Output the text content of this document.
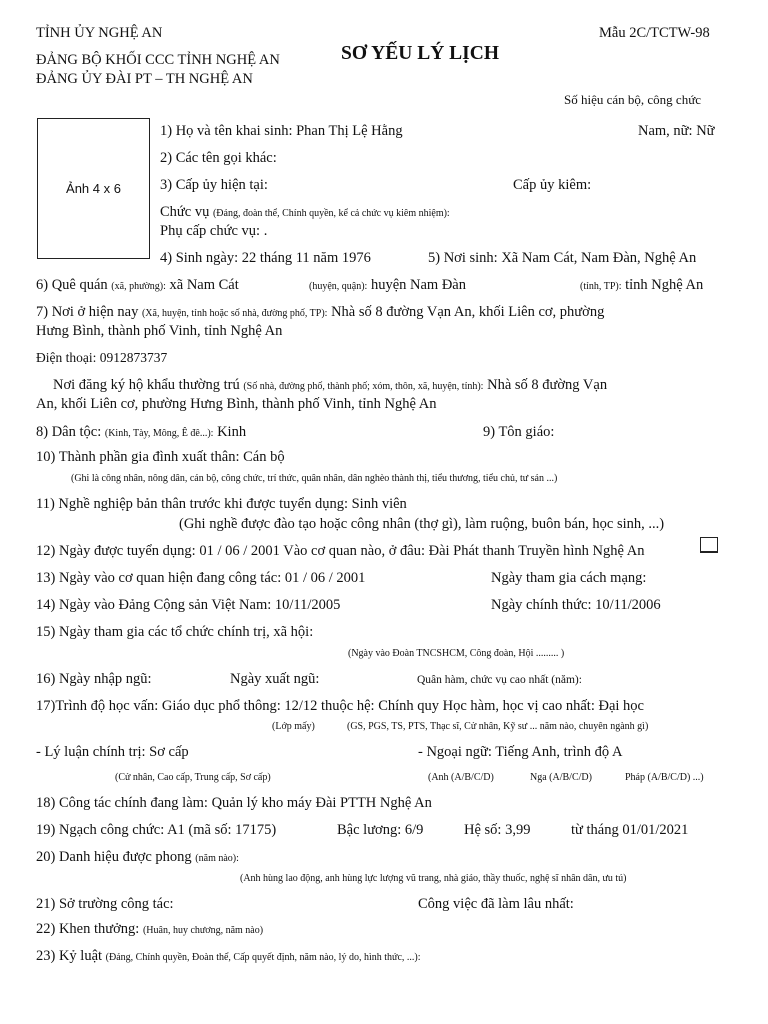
TỈNH ỦY NGHỆ AN
ĐẢNG BỘ KHỐI CCC TỈNH NGHỆ AN
ĐẢNG ỦY ĐÀI PT – TH NGHỆ AN
Mẫu 2C/TCTW-98
SƠ YẾU LÝ LỊCH
Số hiệu cán bộ, công chức
Ảnh 4 x 6
1) Họ và tên khai sinh: Phan Thị Lệ Hằng	Nam, nữ: Nữ
2) Các tên gọi khác:
3) Cấp ủy hiện tại:	Cấp ủy kiêm:
Chức vụ (Đảng, đoàn thể, Chính quyền, kể cả chức vụ kiêm nhiệm):
Phụ cấp chức vụ: .
4) Sinh ngày: 22 tháng 11 năm 1976	5) Nơi sinh: Xã Nam Cát, Nam Đàn, Nghệ An
6) Quê quán (xã, phường): xã Nam Cát	(huyện, quận): huyện Nam Đàn	(tỉnh, TP): tỉnh Nghệ An
7) Nơi ở hiện nay (Xã, huyện, tỉnh hoặc số nhà, đường phố, TP): Nhà số 8 đường Vạn An, khối Liên cơ, phường
Hưng Bình, thành phố Vinh, tỉnh Nghệ An
Điện thoại: 0912873737
Nơi đăng ký hộ khẩu thường trú (Số nhà, đường phố, thành phố; xóm, thôn, xã, huyện, tỉnh): Nhà số 8 đường Vạn
An, khối Liên cơ, phường Hưng Bình, thành phố Vinh, tỉnh Nghệ An
8) Dân tộc: (Kinh, Tày, Mông, Ê đê...): Kinh	9) Tôn giáo:
10) Thành phần gia đình xuất thân: Cán bộ
(Ghi là công nhân, nông dân, cán bộ, công chức, trí thức, quân nhân, dân nghèo thành thị, tiểu thương, tiểu chủ, tư sản ...)
11) Nghề nghiệp bản thân trước khi được tuyển dụng: Sinh viên
(Ghi nghề được đào tạo hoặc công nhân (thợ gì), làm ruộng, buôn bán, học sinh, ...)
12) Ngày được tuyển dụng: 01 / 06 / 2001 Vào cơ quan nào, ở đâu: Đài Phát thanh Truyền hình Nghệ An
13) Ngày vào cơ quan hiện đang công tác: 01 / 06 / 2001	Ngày tham gia cách mạng:
14) Ngày vào Đảng Cộng sản Việt Nam: 10/11/2005	Ngày chính thức: 10/11/2006
15) Ngày tham gia các tổ chức chính trị, xã hội:
(Ngày vào Đoàn TNCSHCM, Công đoàn, Hội ......... )
16) Ngày nhập ngũ:	Ngày xuất ngũ:	Quân hàm, chức vụ cao nhất (năm):
17)Trình độ học vấn: Giáo dục phổ thông: 12/12 thuộc hệ: Chính quy Học hàm, học vị cao nhất: Đại học
(Lớp mấy)	(GS, PGS, TS, PTS, Thạc sĩ, Cử nhân, Kỹ sư ... năm nào, chuyên ngành gì)
- Lý luận chính trị: Sơ cấp	- Ngoại ngữ: Tiếng Anh, trình độ A
(Cử nhân, Cao cấp, Trung cấp, Sơ cấp)	(Anh (A/B/C/D)	Nga (A/B/C/D)	Pháp (A/B/C/D) ...)
18) Công tác chính đang làm: Quản lý kho máy Đài PTTH Nghệ An
19) Ngạch công chức: A1 (mã số: 17175)	Bậc lương: 6/9	Hệ số: 3,99	từ tháng 01/01/2021
20) Danh hiệu được phong (năm nào):
(Anh hùng lao động, anh hùng lực lượng vũ trang, nhà giáo, thầy thuốc, nghệ sĩ nhân dân, ưu tú)
21) Sở trường công tác:	Công việc đã làm lâu nhất:
22) Khen thưởng: (Huân, huy chương, năm nào)
23) Kỷ luật (Đảng, Chính quyền, Đoàn thể, Cấp quyết định, năm nào, lý do, hình thức, ...):
